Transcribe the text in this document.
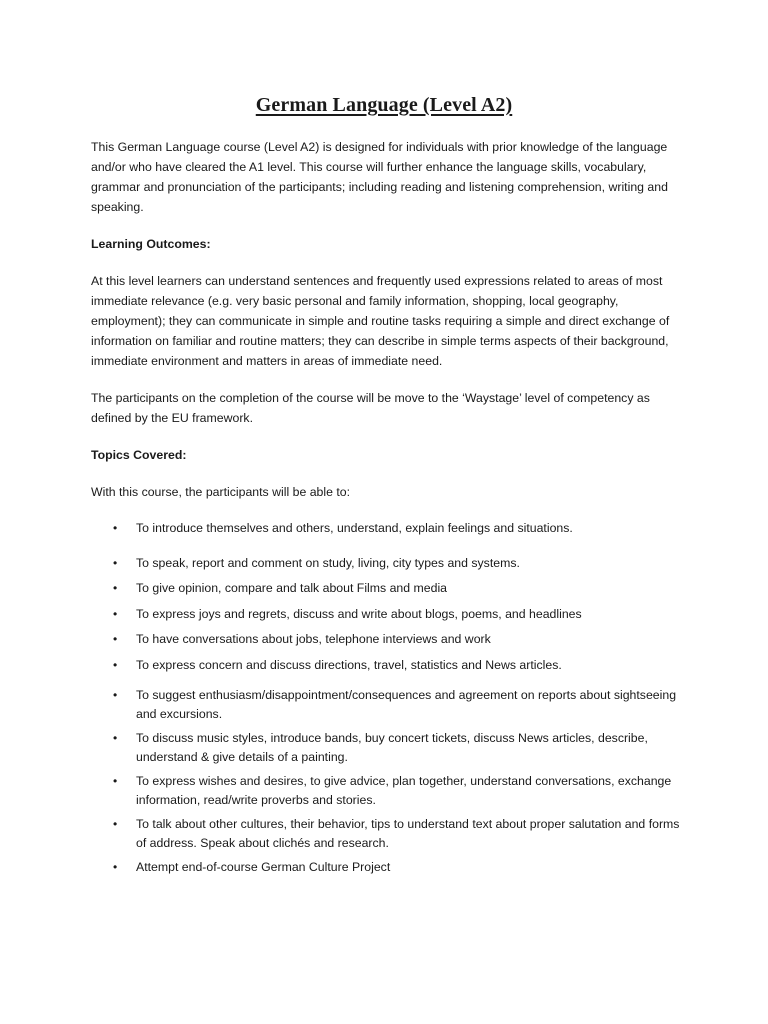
German Language (Level A2)

This German Language course (Level A2) is designed for individuals with prior knowledge of the language and/or who have cleared the A1 level. This course will further enhance the language skills, vocabulary, grammar and pronunciation of the participants; including reading and listening comprehension, writing and speaking.

Learning Outcomes:

At this level learners can understand sentences and frequently used expressions related to areas of most immediate relevance (e.g. very basic personal and family information, shopping, local geography, employment); they can communicate in simple and routine tasks requiring a simple and direct exchange of information on familiar and routine matters; they can describe in simple terms aspects of their background, immediate environment and matters in areas of immediate need.

The participants on the completion of the course will be move to the ‘Waystage’ level of competency as defined by the EU framework.

Topics Covered:

With this course, the participants will be able to:

• To introduce themselves and others, understand, explain feelings and situations.
• To speak, report and comment on study, living, city types and systems.
• To give opinion, compare and talk about Films and media
• To express joys and regrets, discuss and write about blogs, poems, and headlines
• To have conversations about jobs, telephone interviews and work
• To express concern and discuss directions, travel, statistics and News articles.
• To suggest enthusiasm/disappointment/consequences and agreement on reports about sightseeing and excursions.
• To discuss music styles, introduce bands, buy concert tickets, discuss News articles, describe, understand & give details of a painting.
• To express wishes and desires, to give advice, plan together, understand conversations, exchange information, read/write proverbs and stories.
• To talk about other cultures, their behavior, tips to understand text about proper salutation and forms of address. Speak about clichés and research.
• Attempt end-of-course German Culture Project
